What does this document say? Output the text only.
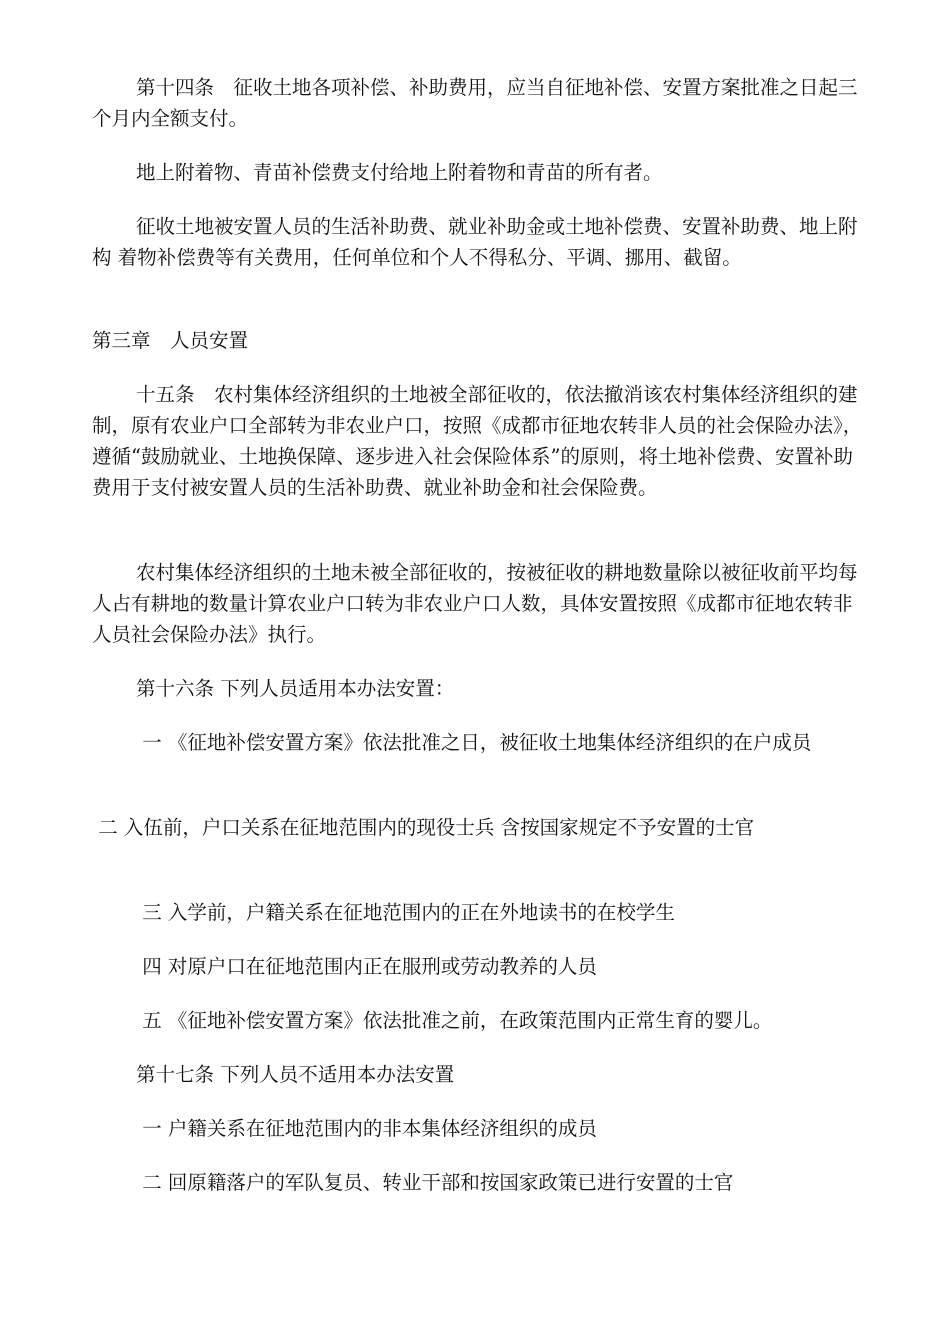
第十四条　征收土地各项补偿、补助费用，应当自征地补偿、安置方案批准之日起三个月内全额支付。

地上附着物、青苗补偿费支付给地上附着物和青苗的所有者。

征收土地被安置人员的生活补助费、就业补助金或土地补偿费、安置补助费、地上附 构 着物补偿费等有关费用，任何单位和个人不得私分、平调、挪用、截留。

第三章　人员安置

十五条　农村集体经济组织的土地被全部征收的，依法撤消该农村集体经济组织的建制，原有农业户口全部转为非农业户口，按照《成都市征地农转非人员的社会保险办法》，遵循“鼓励就业、土地换保障、逐步进入社会保险体系”的原则，将土地补偿费、安置补助费用于支付被安置人员的生活补助费、就业补助金和社会保险费。

农村集体经济组织的土地未被全部征收的，按被征收的耕地数量除以被征收前平均每人占有耕地的数量计算农业户口转为非农业户口人数，具体安置按照《成都市征地农转非人员社会保险办法》执行。

第十六条 下列人员适用本办法安置：

一 《征地补偿安置方案》依法批准之日，被征收土地集体经济组织的在户成员

二 入伍前，户口关系在征地范围内的现役士兵 含按国家规定不予安置的士官

三 入学前，户籍关系在征地范围内的正在外地读书的在校学生

四 对原户口在征地范围内正在服刑或劳动教养的人员

五 《征地补偿安置方案》依法批准之前，在政策范围内正常生育的婴儿。

第十七条 下列人员不适用本办法安置

一 户籍关系在征地范围内的非本集体经济组织的成员

二 回原籍落户的军队复员、转业干部和按国家政策已进行安置的士官
